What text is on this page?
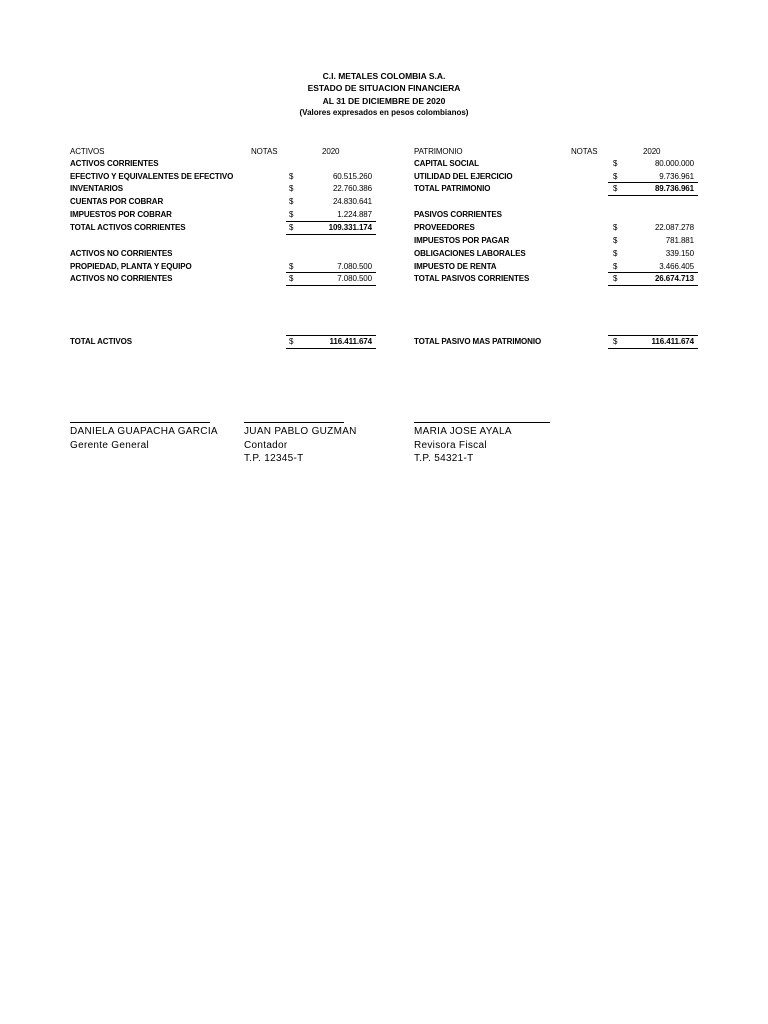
C.I. METALES COLOMBIA S.A.
ESTADO DE SITUACION FINANCIERA
AL 31 DE DICIEMBRE DE 2020
(Valores expresados en pesos colombianos)
ACTIVOS	NOTAS	2020
ACTIVOS CORRIENTES
EFECTIVO Y EQUIVALENTES DE EFECTIVO	$	60.515.260
INVENTARIOS	$	22.760.386
CUENTAS POR COBRAR	$	24.830.641
IMPUESTOS POR COBRAR	$	1.224.887
TOTAL ACTIVOS CORRIENTES	$	109.331.174
ACTIVOS NO CORRIENTES
PROPIEDAD, PLANTA Y EQUIPO	$	7.080.500
ACTIVOS NO CORRIENTES	$	7.080.500
TOTAL ACTIVOS	$	116.411.674
PATRIMONIO	NOTAS	2020
CAPITAL SOCIAL	$	80.000.000
UTILIDAD DEL EJERCICIO	$	9.736.961
TOTAL PATRIMONIO	$	89.736.961
PASIVOS CORRIENTES
PROVEEDORES	$	22.087.278
IMPUESTOS POR PAGAR	$	781.881
OBLIGACIONES LABORALES	$	339.150
IMPUESTO DE RENTA	$	3.466.405
TOTAL PASIVOS CORRIENTES	$	26.674.713
TOTAL PASIVO MAS PATRIMONIO	$	116.411.674
DANIELA GUAPACHA GARCIA
Gerente General
JUAN PABLO GUZMAN
Contador
T.P. 12345-T
MARIA JOSE AYALA
Revisora Fiscal
T.P. 54321-T
